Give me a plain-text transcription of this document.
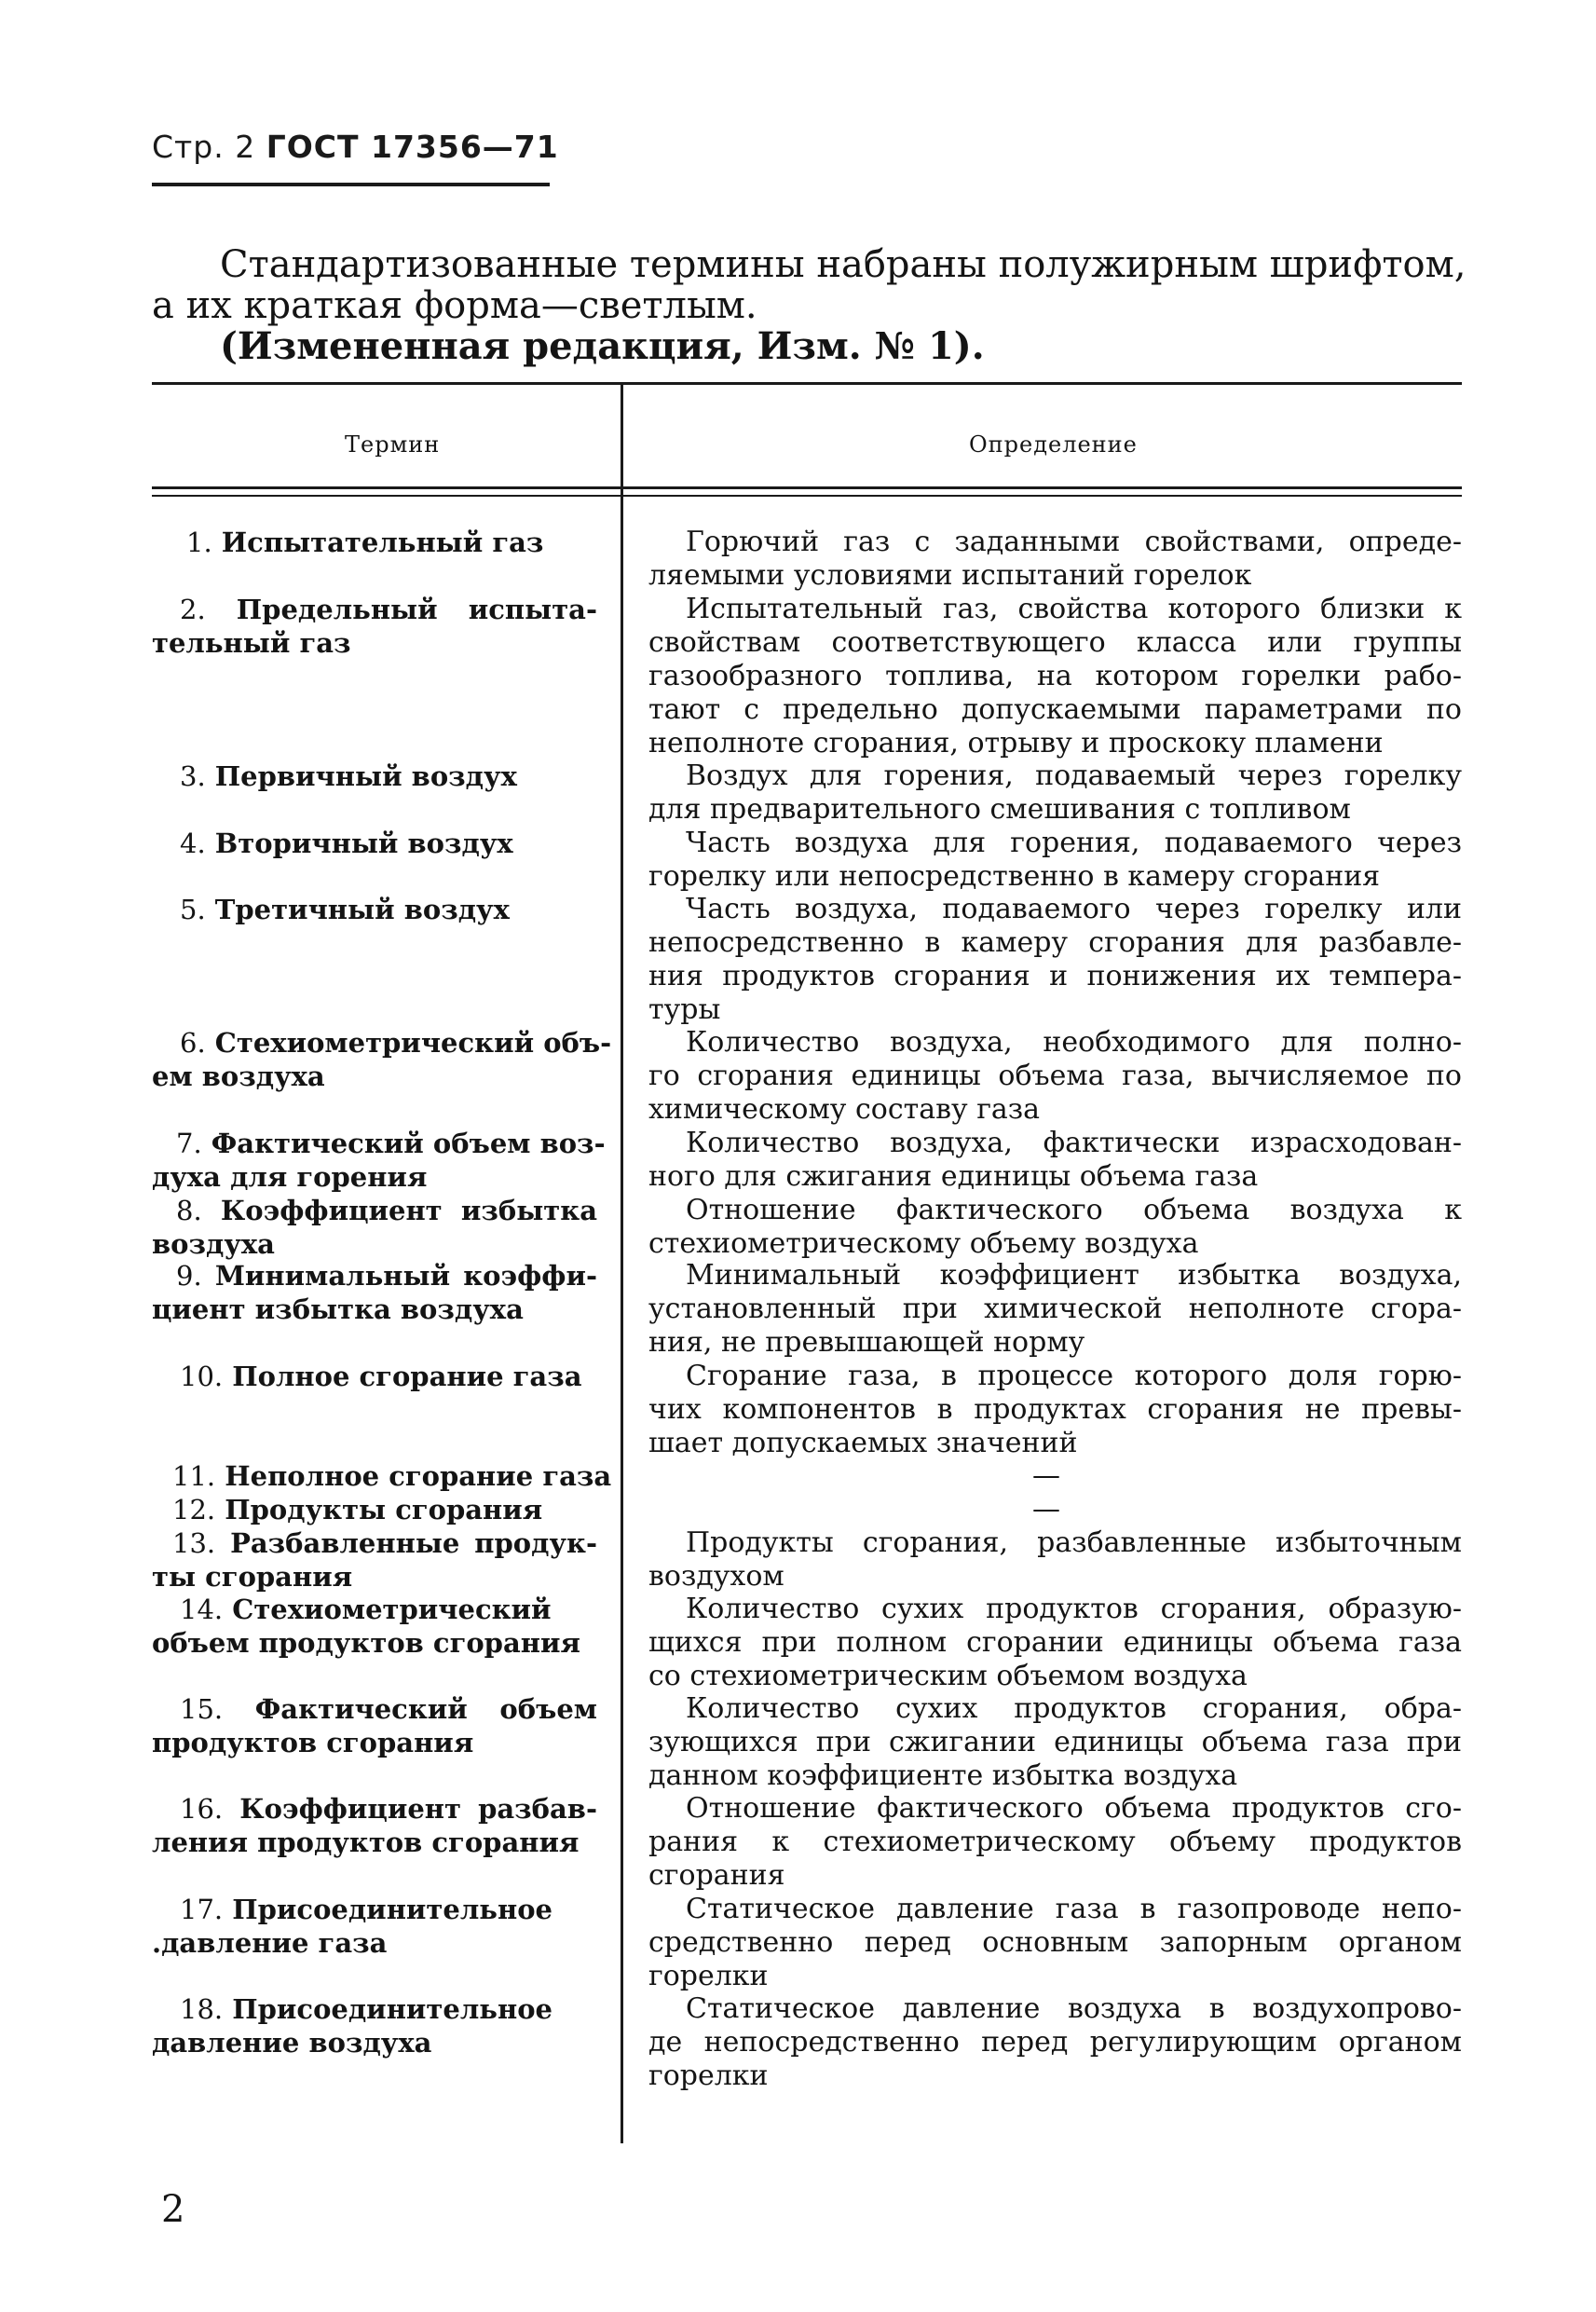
Стр. 2 ГОСТ 17356—71
Стандартизованные термины набраны полужирным шрифтом,
а их краткая форма—светлым.
(Измененная редакция, Изм. № 1).
Термин	Определение
1. Испытательный газ
2. Предельный испыта-
тельный газ
3. Первичный воздух
4. Вторичный воздух
5. Третичный воздух
6. Стехиометрический объ-
ем воздуха
7. Фактический объем воз-
духа для горения
8. Коэффициент избытка
воздуха
9. Минимальный коэффи-
циент избытка воздуха
10. Полное сгорание газа
11. Неполное сгорание газа
12. Продукты сгорания
13. Разбавленные продук-
ты сгорания
14. Стехиометрический
объем продуктов сгорания
15. Фактический объем
продуктов сгорания
16. Коэффициент разбав-
ления продуктов сгорания
17. Присоединительное
.давление газа
18. Присоединительное
давление воздуха
Горючий газ с заданными свойствами, опреде-
ляемыми условиями испытаний горелок
Испытательный газ, свойства которого близки к
свойствам соответствующего класса или группы
газообразного топлива, на котором горелки рабо-
тают с предельно допускаемыми параметрами по
неполноте сгорания, отрыву и проскоку пламени
Воздух для горения, подаваемый через горелку
для предварительного смешивания с топливом
Часть воздуха для горения, подаваемого через
горелку или непосредственно в камеру сгорания
Часть воздуха, подаваемого через горелку или
непосредственно в камеру сгорания для разбавле-
ния продуктов сгорания и понижения их темпера-
туры
Количество воздуха, необходимого для полно-
го сгорания единицы объема газа, вычисляемое по
химическому составу газа
Количество воздуха, фактически израсходован-
ного для сжигания единицы объема газа
Отношение фактического объема воздуха к
стехиометрическому объему воздуха
Минимальный коэффициент избытка воздуха,
установленный при химической неполноте сгора-
ния, не превышающей норму
Сгорание газа, в процессе которого доля горю-
чих компонентов в продуктах сгорания не превы-
шает допускаемых значений
—
—
Продукты сгорания, разбавленные избыточным
воздухом
Количество сухих продуктов сгорания, образую-
щихся при полном сгорании единицы объема газа
со стехиометрическим объемом воздуха
Количество сухих продуктов сгорания, обра-
зующихся при сжигании единицы объема газа при
данном коэффициенте избытка воздуха
Отношение фактического объема продуктов сго-
рания к стехиометрическому объему продуктов
сгорания
Статическое давление газа в газопроводе непо-
средственно перед основным запорным органом
горелки
Статическое давление воздуха в воздухопрово-
де непосредственно перед регулирующим органом
горелки
2
